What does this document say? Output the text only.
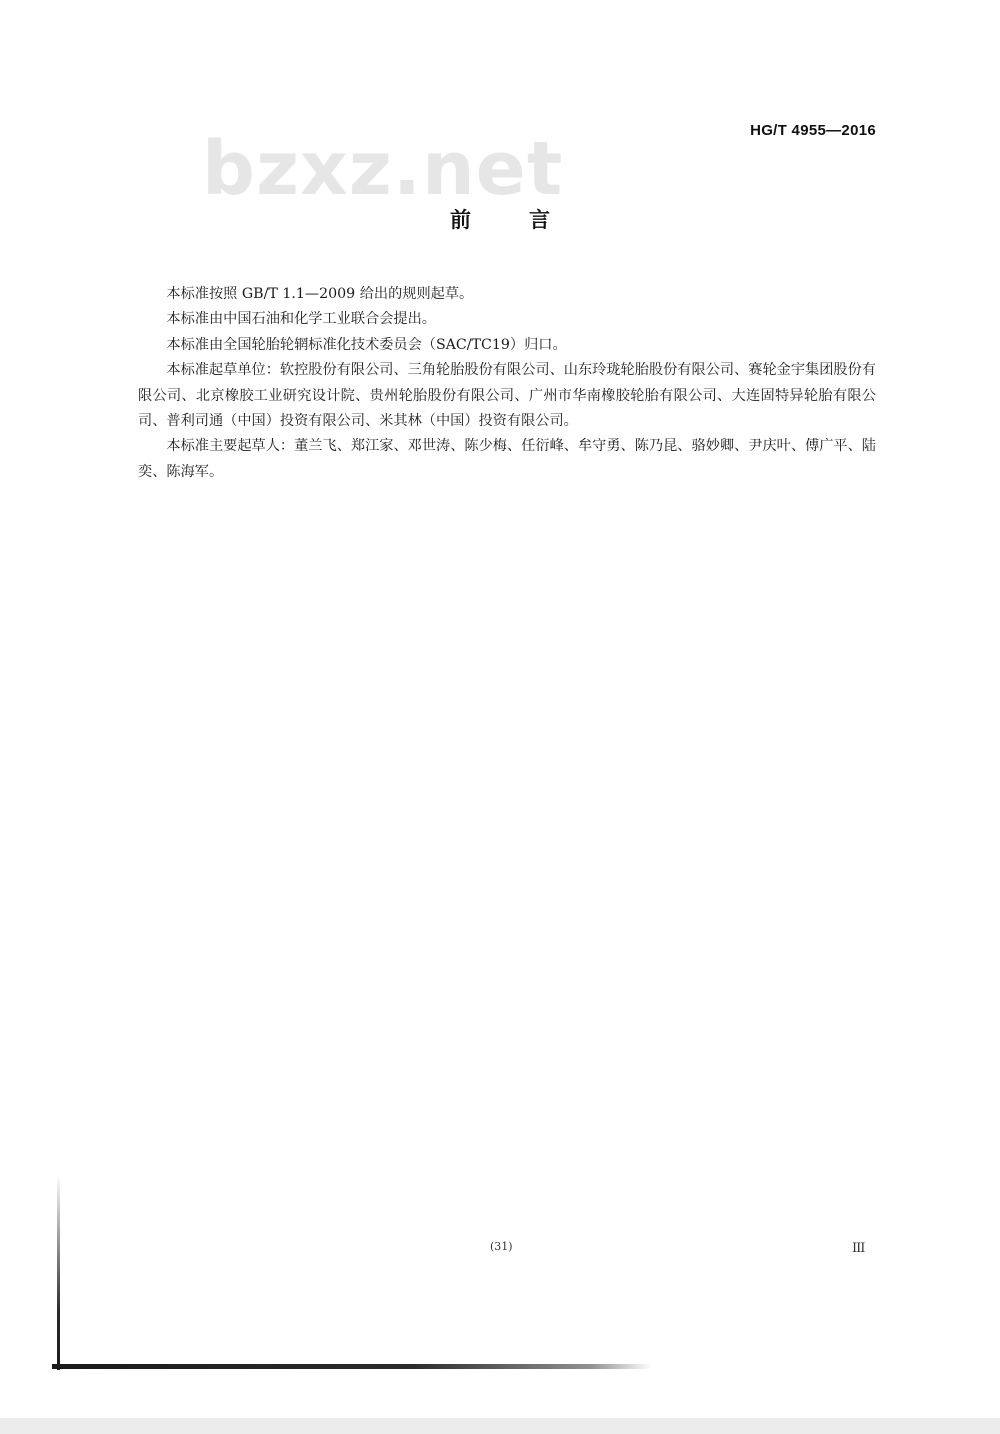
HG/T 4955—2016
bzxz.net
前言

本标准按照 GB/T 1.1—2009 给出的规则起草。

本标准由中国石油和化学工业联合会提出。

本标准由全国轮胎轮辋标准化技术委员会（SAC/TC19）归口。

本标准起草单位：软控股份有限公司、三角轮胎股份有限公司、山东玲珑轮胎股份有限公司、赛轮金宇集团股份有限公司、北京橡胶工业研究设计院、贵州轮胎股份有限公司、广州市华南橡胶轮胎有限公司、大连固特异轮胎有限公司、普利司通（中国）投资有限公司、米其林（中国）投资有限公司。

本标准主要起草人：董兰飞、郑江家、邓世涛、陈少梅、任衍峰、牟守勇、陈乃昆、骆妙卿、尹庆叶、傅广平、陆奕、陈海军。

(31)	III
